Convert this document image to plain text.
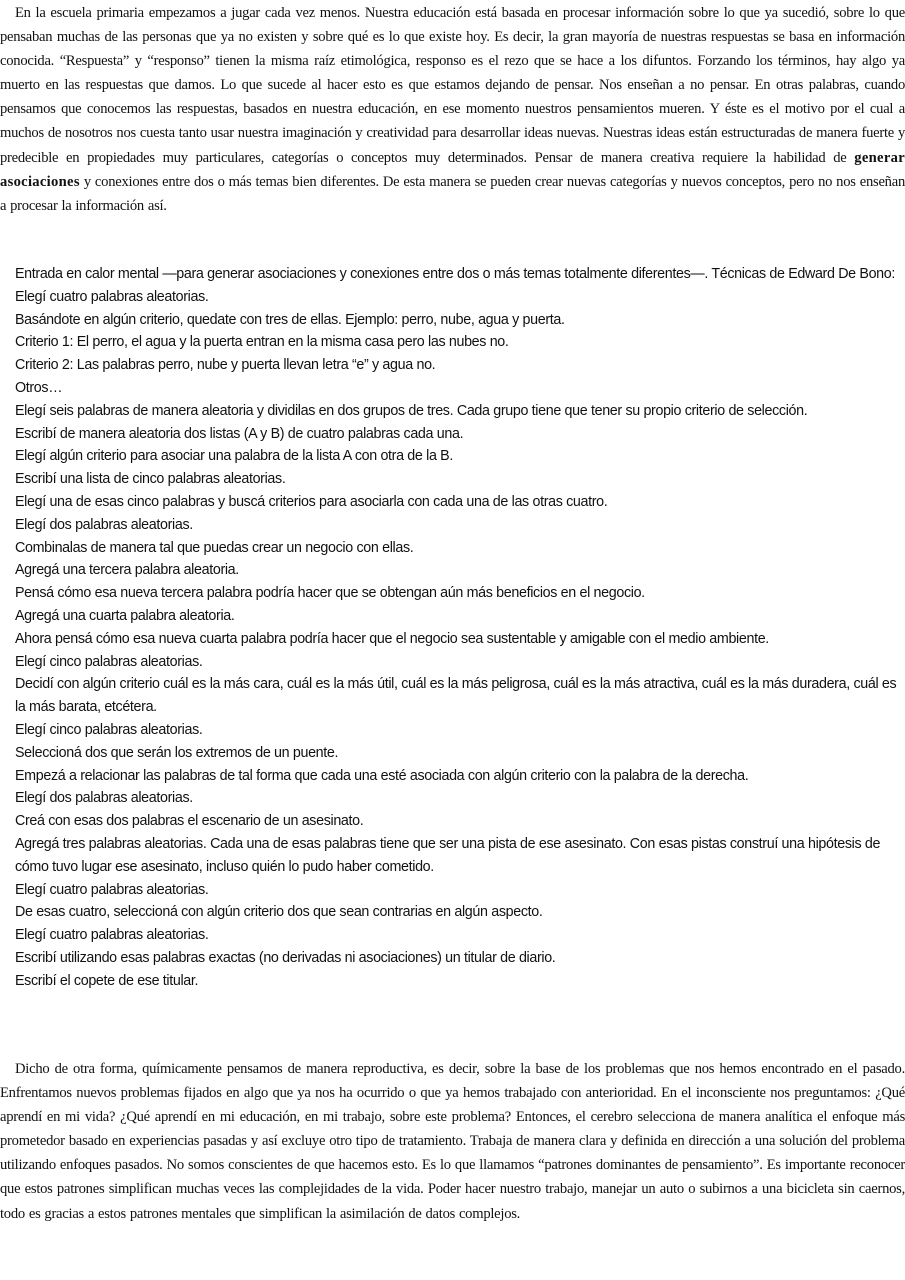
En la escuela primaria empezamos a jugar cada vez menos. Nuestra educación está basada en procesar información sobre lo que ya sucedió, sobre lo que pensaban muchas de las personas que ya no existen y sobre qué es lo que existe hoy. Es decir, la gran mayoría de nuestras respuestas se basa en información conocida. “Respuesta” y “responso” tienen la misma raíz etimológica, responso es el rezo que se hace a los difuntos. Forzando los términos, hay algo ya muerto en las respuestas que damos. Lo que sucede al hacer esto es que estamos dejando de pensar. Nos enseñan a no pensar. En otras palabras, cuando pensamos que conocemos las respuestas, basados en nuestra educación, en ese momento nuestros pensamientos mueren. Y éste es el motivo por el cual a muchos de nosotros nos cuesta tanto usar nuestra imaginación y creatividad para desarrollar ideas nuevas. Nuestras ideas están estructuradas de manera fuerte y predecible en propiedades muy particulares, categorías o conceptos muy determinados. Pensar de manera creativa requiere la habilidad de generar asociaciones y conexiones entre dos o más temas bien diferentes. De esta manera se pueden crear nuevas categorías y nuevos conceptos, pero no nos enseñan a procesar la información así.

Entrada en calor mental —para generar asociaciones y conexiones entre dos o más temas totalmente diferentes—. Técnicas de Edward De Bono:
Elegí cuatro palabras aleatorias.
Basándote en algún criterio, quedate con tres de ellas. Ejemplo: perro, nube, agua y puerta.
Criterio 1: El perro, el agua y la puerta entran en la misma casa pero las nubes no.
Criterio 2: Las palabras perro, nube y puerta llevan letra “e” y agua no.
Otros…
Elegí seis palabras de manera aleatoria y dividilas en dos grupos de tres. Cada grupo tiene que tener su propio criterio de selección.
Escribí de manera aleatoria dos listas (A y B) de cuatro palabras cada una.
Elegí algún criterio para asociar una palabra de la lista A con otra de la B.
Escribí una lista de cinco palabras aleatorias.
Elegí una de esas cinco palabras y buscá criterios para asociarla con cada una de las otras cuatro.
Elegí dos palabras aleatorias.
Combinalas de manera tal que puedas crear un negocio con ellas.
Agregá una tercera palabra aleatoria.
Pensá cómo esa nueva tercera palabra podría hacer que se obtengan aún más beneficios en el negocio.
Agregá una cuarta palabra aleatoria.
Ahora pensá cómo esa nueva cuarta palabra podría hacer que el negocio sea sustentable y amigable con el medio ambiente.
Elegí cinco palabras aleatorias.
Decidí con algún criterio cuál es la más cara, cuál es la más útil, cuál es la más peligrosa, cuál es la más atractiva, cuál es la más duradera, cuál es la más barata, etcétera.
Elegí cinco palabras aleatorias.
Seleccioná dos que serán los extremos de un puente.
Empezá a relacionar las palabras de tal forma que cada una esté asociada con algún criterio con la palabra de la derecha.
Elegí dos palabras aleatorias.
Creá con esas dos palabras el escenario de un asesinato.
Agregá tres palabras aleatorias. Cada una de esas palabras tiene que ser una pista de ese asesinato. Con esas pistas construí una hipótesis de cómo tuvo lugar ese asesinato, incluso quién lo pudo haber cometido.
Elegí cuatro palabras aleatorias.
De esas cuatro, seleccioná con algún criterio dos que sean contrarias en algún aspecto.
Elegí cuatro palabras aleatorias.
Escribí utilizando esas palabras exactas (no derivadas ni asociaciones) un titular de diario.
Escribí el copete de ese titular.

Dicho de otra forma, químicamente pensamos de manera reproductiva, es decir, sobre la base de los problemas que nos hemos encontrado en el pasado. Enfrentamos nuevos problemas fijados en algo que ya nos ha ocurrido o que ya hemos trabajado con anterioridad. En el inconsciente nos preguntamos: ¿Qué aprendí en mi vida? ¿Qué aprendí en mi educación, en mi trabajo, sobre este problema? Entonces, el cerebro selecciona de manera analítica el enfoque más prometedor basado en experiencias pasadas y así excluye otro tipo de tratamiento. Trabaja de manera clara y definida en dirección a una solución del problema utilizando enfoques pasados. No somos conscientes de que hacemos esto. Es lo que llamamos “patrones dominantes de pensamiento”. Es importante reconocer que estos patrones simplifican muchas veces las complejidades de la vida. Poder hacer nuestro trabajo, manejar un auto o subirnos a una bicicleta sin caernos, todo es gracias a estos patrones mentales que simplifican la asimilación de datos complejos.
